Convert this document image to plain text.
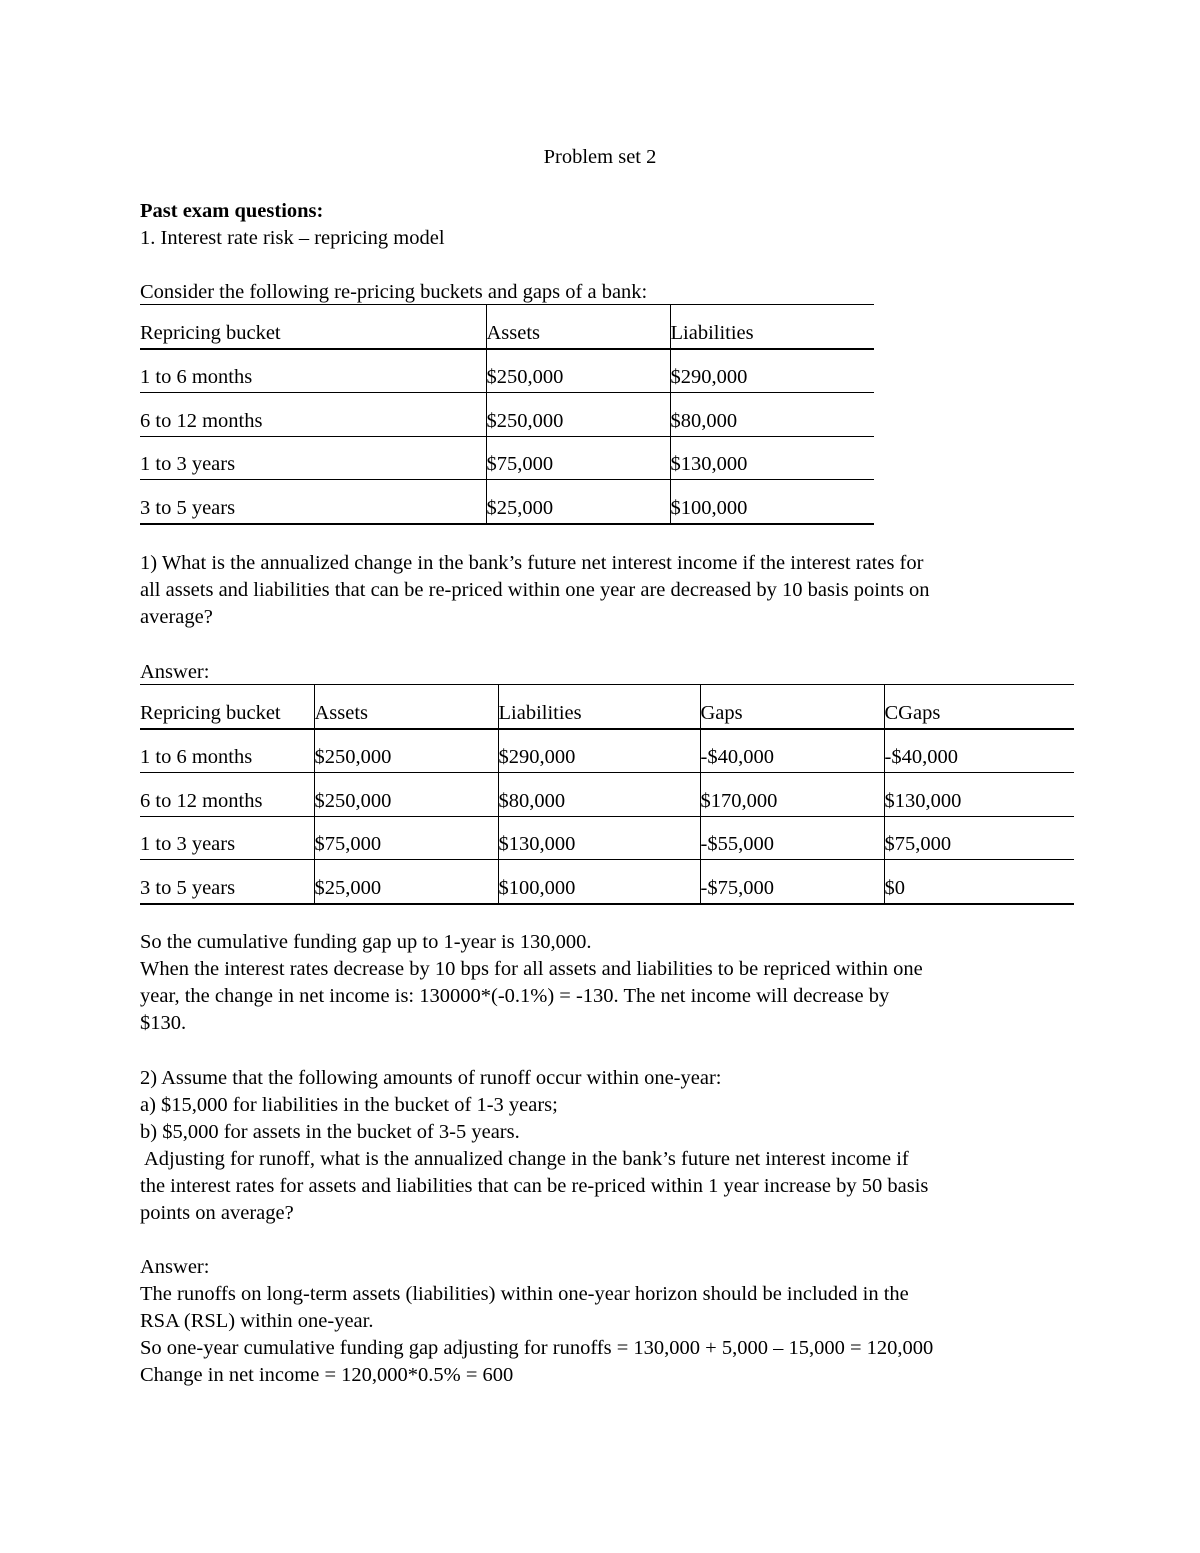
Problem set 2

Past exam questions:

1. Interest rate risk – repricing model

Consider the following re-pricing buckets and gaps of a bank:

Repricing bucket	Assets	Liabilities
1 to 6 months	$250,000	$290,000
6 to 12 months	$250,000	$80,000
1 to 3 years	$75,000	$130,000
3 to 5 years	$25,000	$100,000

1) What is the annualized change in the bank’s future net interest income if the interest rates for

all assets and liabilities that can be re-priced within one year are decreased by 10 basis points on

average?

Answer:

Repricing bucket	Assets	Liabilities	Gaps	CGaps
1 to 6 months	$250,000	$290,000	-$40,000	-$40,000
6 to 12 months	$250,000	$80,000	$170,000	$130,000
1 to 3 years	$75,000	$130,000	-$55,000	$75,000
3 to 5 years	$25,000	$100,000	-$75,000	$0

So the cumulative funding gap up to 1-year is 130,000.

When the interest rates decrease by 10 bps for all assets and liabilities to be repriced within one

year, the change in net income is: 130000*(-0.1%) = -130. The net income will decrease by

$130.

2) Assume that the following amounts of runoff occur within one-year:

a) $15,000 for liabilities in the bucket of 1-3 years;

b) $5,000 for assets in the bucket of 3-5 years.

Adjusting for runoff, what is the annualized change in the bank’s future net interest income if

the interest rates for assets and liabilities that can be re-priced within 1 year increase by 50 basis

points on average?

Answer:

The runoffs on long-term assets (liabilities) within one-year horizon should be included in the

RSA (RSL) within one-year.

So one-year cumulative funding gap adjusting for runoffs = 130,000 + 5,000 – 15,000 = 120,000

Change in net income = 120,000*0.5% = 600
